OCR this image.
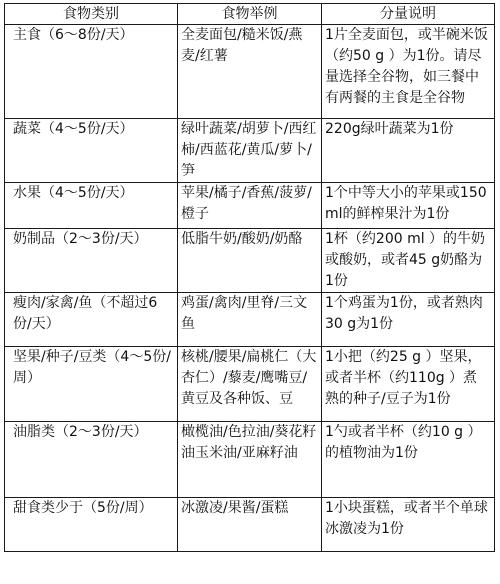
食物类别	食物举例	分量说明
主食（6～8份/天）	全麦面包/糙米饭/燕麦/红薯	1片全麦面包，或半碗米饭（约50 g ）为1份。请尽量选择全谷物，如三餐中有两餐的主食是全谷物
蔬菜（4～5份/天）	绿叶蔬菜/胡萝卜/西红柿/西蓝花/黄瓜/萝卜/笋	220g绿叶蔬菜为1份
水果（4～5份/天）	苹果/橘子/香蕉/菠萝/橙子	1个中等大小的苹果或150 ml的鲜榨果汁为1份
奶制品（2～3份/天）	低脂牛奶/酸奶/奶酪	1杯（约200 ml ）的牛奶或酸奶，或者45 g奶酪为1份
瘦肉/家禽/鱼（不超过6份/天）	鸡蛋/禽肉/里脊/三文鱼	1个鸡蛋为1份，或者熟肉30 g为1份
坚果/种子/豆类（4～5份/周）	核桃/腰果/扁桃仁（大杏仁）/藜麦/鹰嘴豆/黄豆及各种饭、豆	1小把（约25 g ）坚果，或者半杯（约110g ）煮熟的种子/豆子为1份
油脂类（2～3份/天）	橄榄油/色拉油/葵花籽油玉米油/亚麻籽油	1勺或者半杯（约10 g ）的植物油为1份
甜食类少于（5份/周）	冰激凌/果酱/蛋糕	1小块蛋糕，或者半个单球冰激凌为1份
